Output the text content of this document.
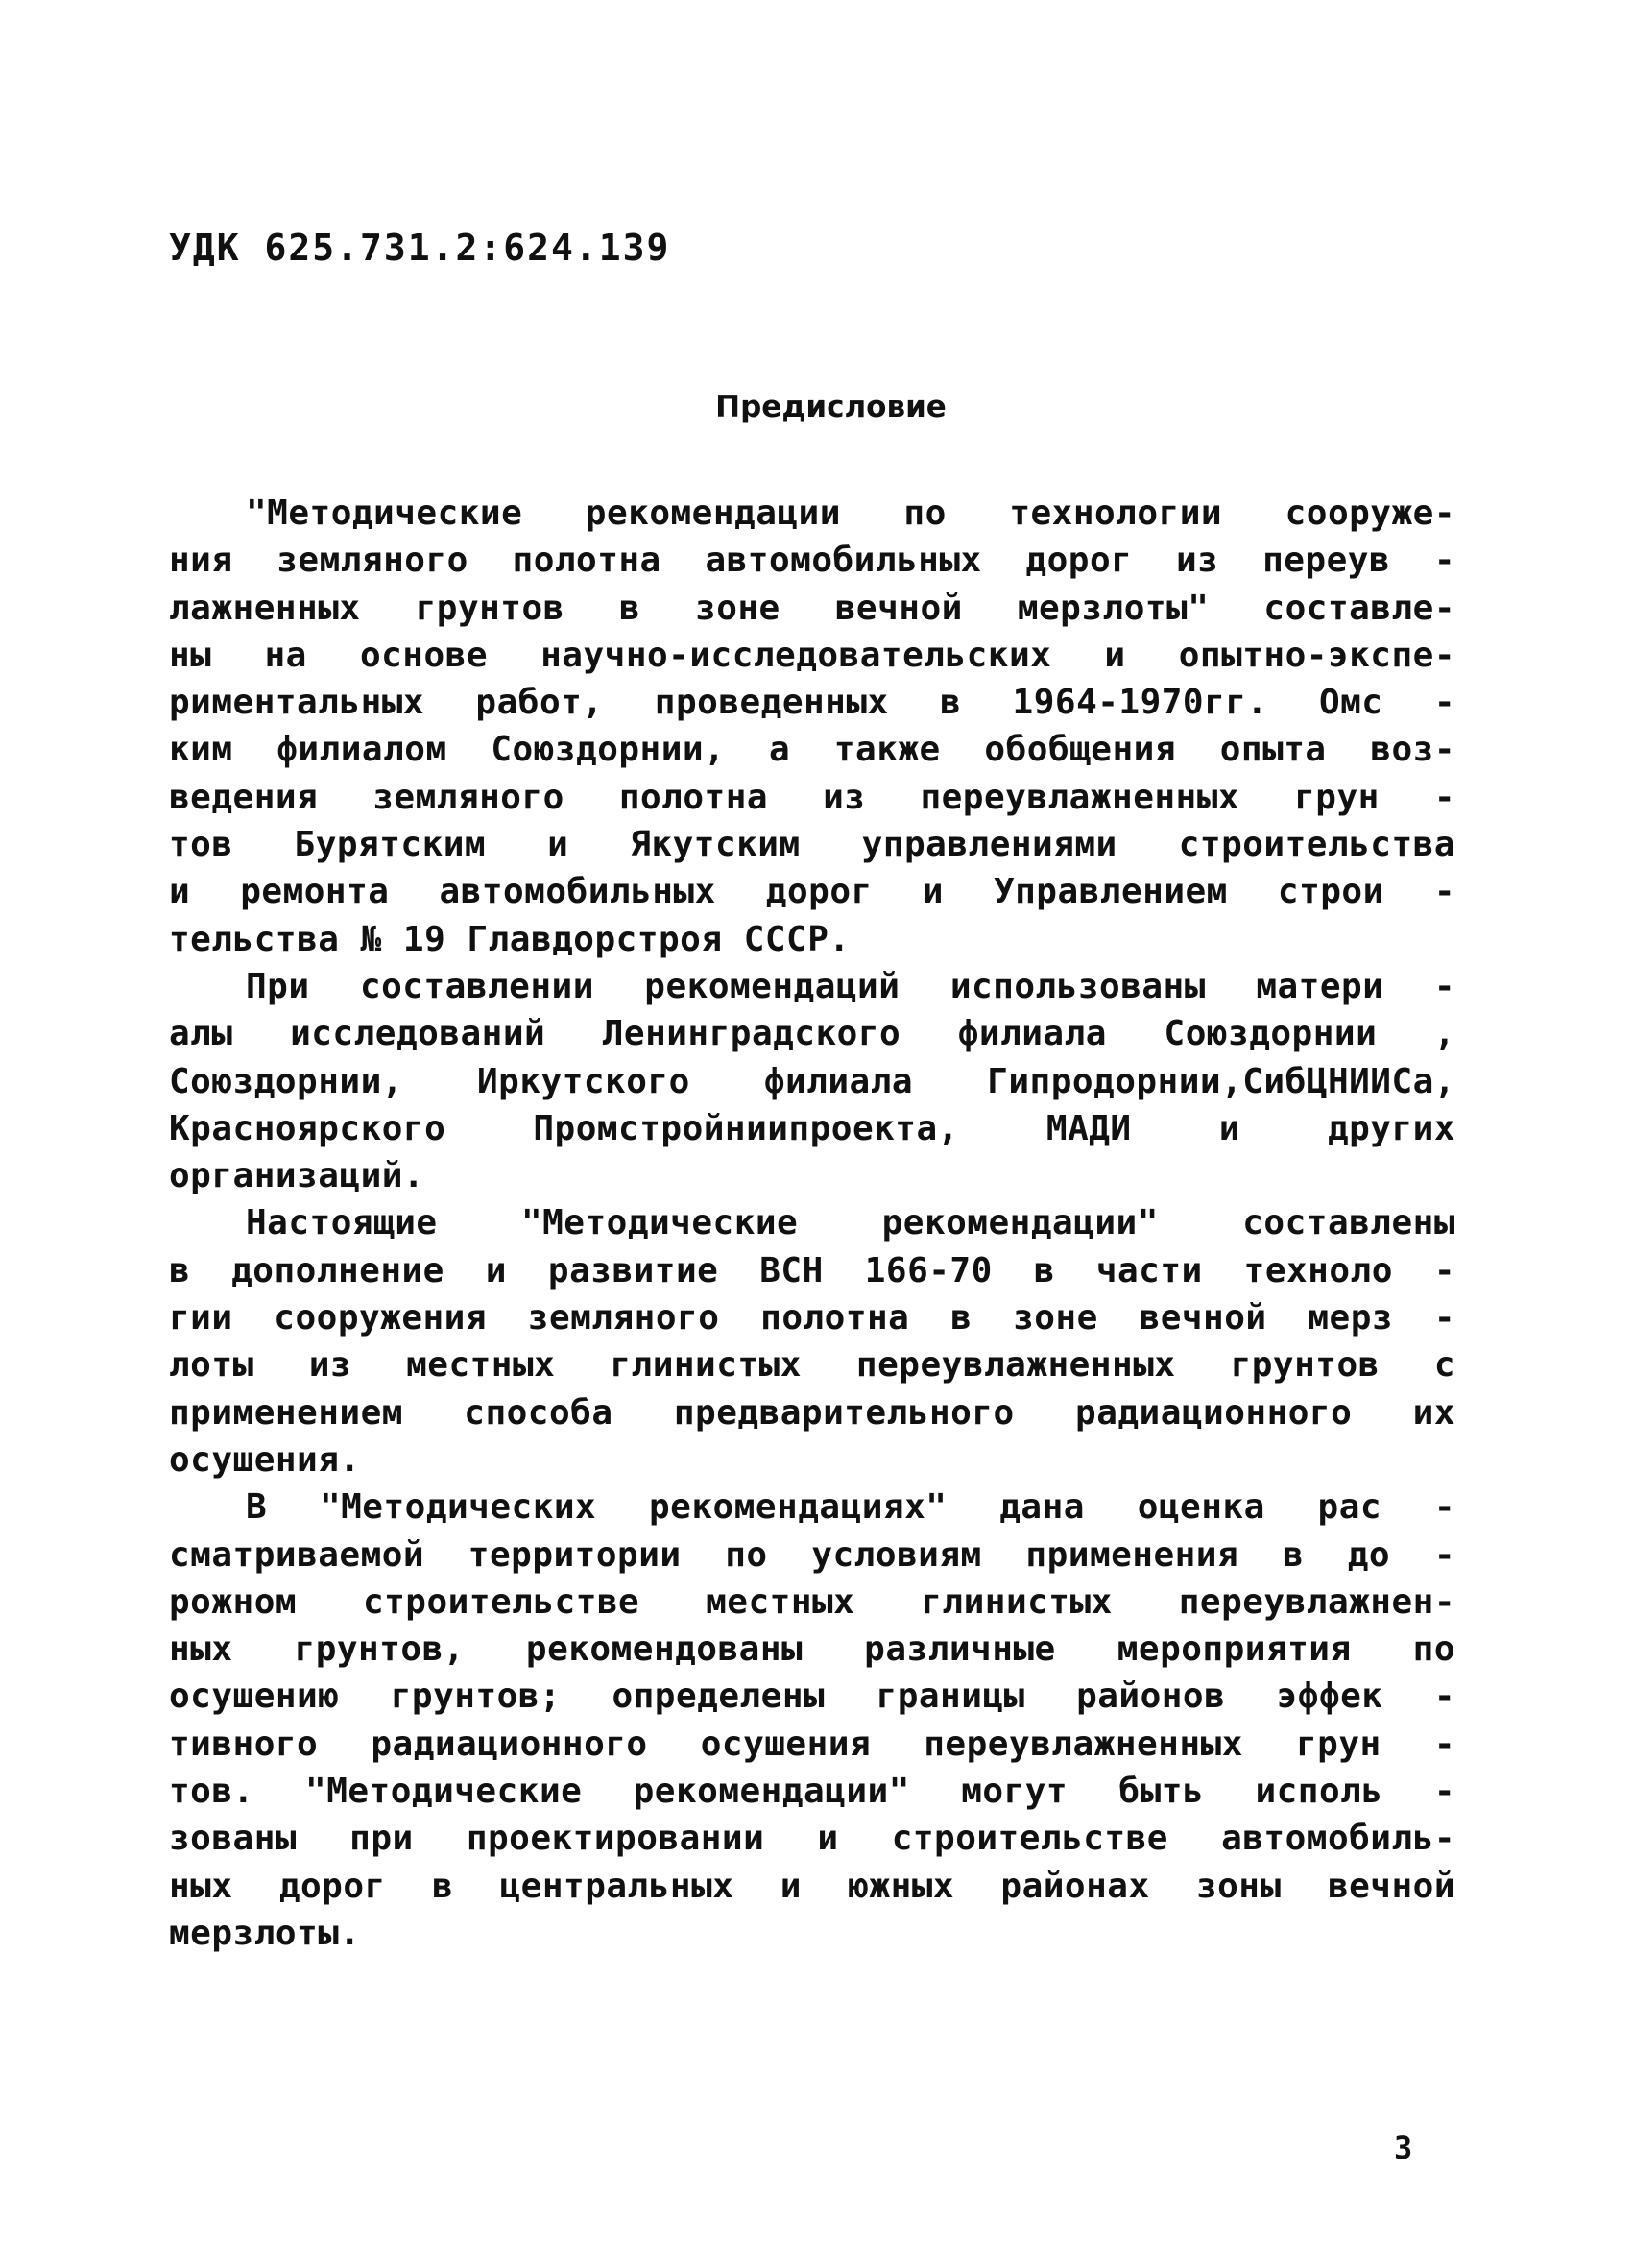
УДК 625.731.2:624.139
Предисловие
"Методические рекомендации по технологии сооруже-
ния земляного полотна автомобильных дорог из переув -
лажненных грунтов в зоне вечной мерзлоты" составле-
ны на основе научно-исследовательских и опытно-экспе-
риментальных работ, проведенных в 1964-1970гг. Омс -
ким филиалом Союздорнии, а также обобщения опыта воз-
ведения земляного полотна из переувлажненных грун -
тов Бурятским и Якутским управлениями строительства
и ремонта автомобильных дорог и Управлением строи -
тельства № 19 Главдорстроя СССР.
При составлении рекомендаций использованы матери -
алы исследований Ленинградского филиала Союздорнии ,
Союздорнии, Иркутского филиала Гипродорнии,СибЦНИИСа,
Красноярского Промстройниипроекта, МАДИ и других
организаций.
Настоящие "Методические рекомендации" составлены
в дополнение и развитие ВСН 166-70 в части техноло -
гии сооружения земляного полотна в зоне вечной мерз -
лоты из местных глинистых переувлажненных грунтов с
применением способа предварительного радиационного их
осушения.
В "Методических рекомендациях" дана оценка рас -
сматриваемой территории по условиям применения в до -
рожном строительстве местных глинистых переувлажнен-
ных грунтов, рекомендованы различные мероприятия по
осушению грунтов; определены границы районов эффек -
тивного радиационного осушения переувлажненных грун -
тов. "Методические рекомендации" могут быть исполь -
зованы при проектировании и строительстве автомобиль-
ных дорог в центральных и южных районах зоны вечной
мерзлоты.
3
